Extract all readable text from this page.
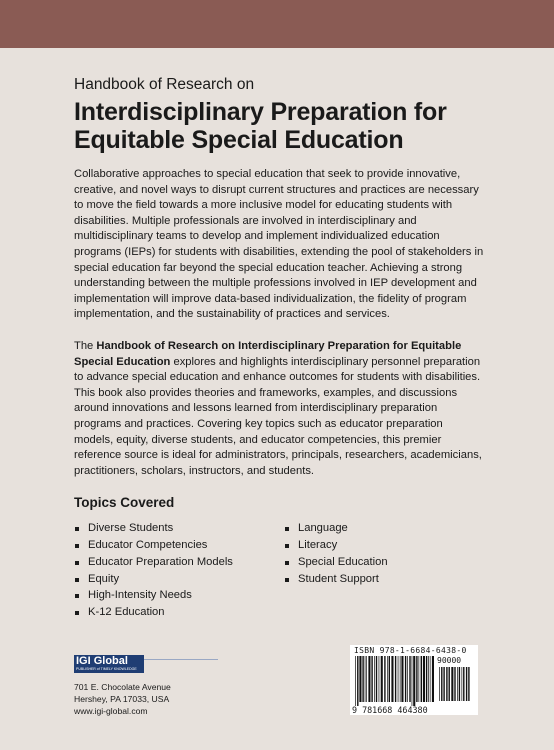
Handbook of Research on
Interdisciplinary Preparation for
Equitable Special Education

Collaborative approaches to special education that seek to provide innovative, creative, and novel ways to disrupt current structures and practices are necessary to move the field towards a more inclusive model for educating students with disabilities. Multiple professionals are involved in interdisciplinary and multidisciplinary teams to develop and implement individualized education programs (IEPs) for students with disabilities, extending the pool of stakeholders in special education far beyond the special education teacher. Achieving a strong understanding between the multiple professions involved in IEP development and implementation will improve data-based individualization, the fidelity of program implementation, and the sustainability of practices and services.

The Handbook of Research on Interdisciplinary Preparation for Equitable Special Education explores and highlights interdisciplinary personnel preparation to advance special education and enhance outcomes for students with disabilities. This book also provides theories and frameworks, examples, and discussions around innovations and lessons learned from interdisciplinary preparation programs and practices. Covering key topics such as educator preparation models, equity, diverse students, and educator competencies, this premier reference source is ideal for administrators, principals, researchers, academicians, practitioners, scholars, instructors, and students.

Topics Covered
Diverse Students
Educator Competencies
Educator Preparation Models
Equity
High-Intensity Needs
K-12 Education
Language
Literacy
Special Education
Student Support
IGI Global
PUBLISHER of TIMELY KNOWLEDGE
701 E. Chocolate Avenue
Hershey, PA 17033, USA
www.igi-global.com
ISBN 978-1-6684-6438-0
90000
9 781668 464380
